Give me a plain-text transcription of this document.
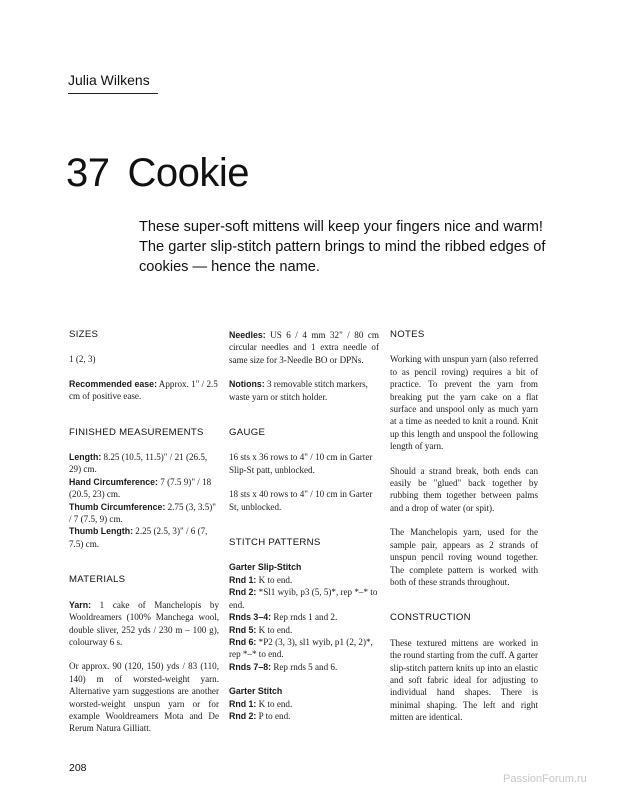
Julia Wilkens
37 Cookie
These super-soft mittens will keep your fingers nice and warm! The garter slip-stitch pattern brings to mind the ribbed edges of cookies — hence the name.

SIZES

1 (2, 3)

Recommended ease: Approx. 1" / 2.5 cm of positive ease.

FINISHED MEASUREMENTS

Length: 8.25 (10.5, 11.5)" / 21 (26.5, 29) cm.

Hand Circumference: 7 (7.5 9)" / 18 (20.5, 23) cm.

Thumb Circumference: 2.75 (3, 3.5)" / 7 (7.5, 9) cm.

Thumb Length: 2.25 (2.5, 3)" / 6 (7, 7.5) cm.

MATERIALS

Yarn: 1 cake of Manchelopis by Wooldreamers (100% Manchega wool, double sliver, 252 yds / 230 m – 100 g), colourway 6 s.

Or approx. 90 (120, 150) yds / 83 (110, 140) m of worsted-weight yarn. Alternative yarn suggestions are another worsted-weight unspun yarn or for example Wooldreamers Mota and De Rerum Natura Gilliatt.

Needles: US 6 / 4 mm 32" / 80 cm circular needles and 1 extra needle of same size for 3-Needle BO or DPNs.

Notions: 3 removable stitch markers, waste yarn or stitch holder.

GAUGE

16 sts x 36 rows to 4" / 10 cm in Garter Slip-St patt, unblocked.

18 sts x 40 rows to 4" / 10 cm in Garter St, unblocked.

STITCH PATTERNS

Garter Slip-Stitch

Rnd 1: K to end.

Rnd 2: *Sl1 wyib, p3 (5, 5)*, rep *–* to end.

Rnds 3–4: Rep rnds 1 and 2.

Rnd 5: K to end.

Rnd 6: *P2 (3, 3), sl1 wyib, p1 (2, 2)*, rep *–* to end.

Rnds 7–8: Rep rnds 5 and 6.

Garter Stitch

Rnd 1: K to end.

Rnd 2: P to end.

NOTES

Working with unspun yarn (also referred to as pencil roving) requires a bit of practice. To prevent the yarn from breaking put the yarn cake on a flat surface and unspool only as much yarn at a time as needed to knit a round. Knit up this length and unspool the following length of yarn.

Should a strand break, both ends can easily be "glued" back together by rubbing them together between palms and a drop of water (or spit).

The Manchelopis yarn, used for the sample pair, appears as 2 strands of unspun pencil roving wound together. The complete pattern is worked with both of these strands throughout.

CONSTRUCTION

These textured mittens are worked in the round starting from the cuff. A garter slip-stitch pattern knits up into an elastic and soft fabric ideal for adjusting to individual hand shapes. There is minimal shaping. The left and right mitten are identical.

208
PassionForum.ru
